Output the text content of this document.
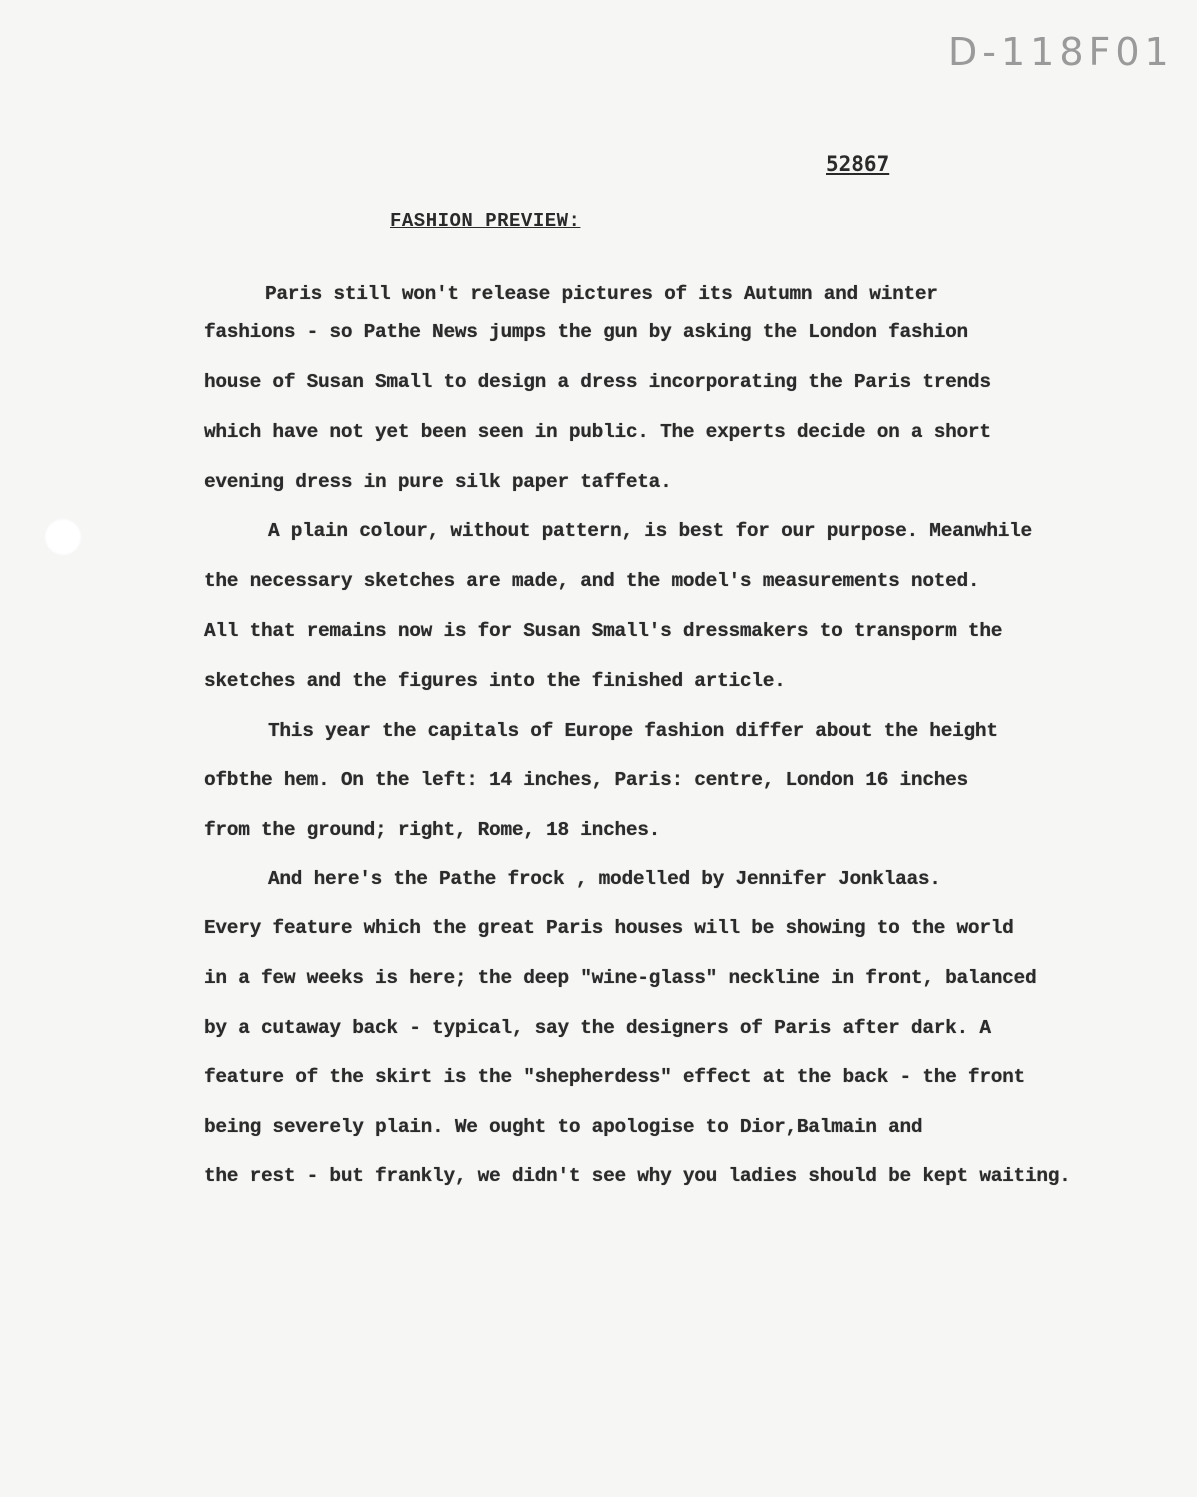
D-118F01
52867
FASHION PREVIEW:
Paris still won't release pictures of its Autumn and winter
fashions - so Pathe News jumps the gun by asking the London fashion
house of Susan Small to design a dress incorporating the Paris trends
which have not yet been seen in public. The experts decide on a short
evening dress in pure silk paper taffeta.
A plain colour, without pattern, is best for our purpose. Meanwhile
the necessary sketches are made, and the model's measurements noted.
All that remains now is for Susan Small's dressmakers to transporm the
sketches and the figures into the finished article.
This year the capitals of Europe fashion differ about the height
ofbthe hem. On the left: 14 inches, Paris: centre, London 16 inches
from the ground; right, Rome, 18 inches.
And here's the Pathe frock , modelled by Jennifer Jonklaas.
Every feature which the great Paris houses will be showing to the world
in a few weeks is here; the deep "wine-glass" neckline in front, balanced
by a cutaway back - typical, say the designers of Paris after dark. A
feature of the skirt is the "shepherdess" effect at the back - the front
being severely plain. We ought to apologise to Dior,Balmain and
the rest - but frankly, we didn't see why you ladies should be kept waiting.
